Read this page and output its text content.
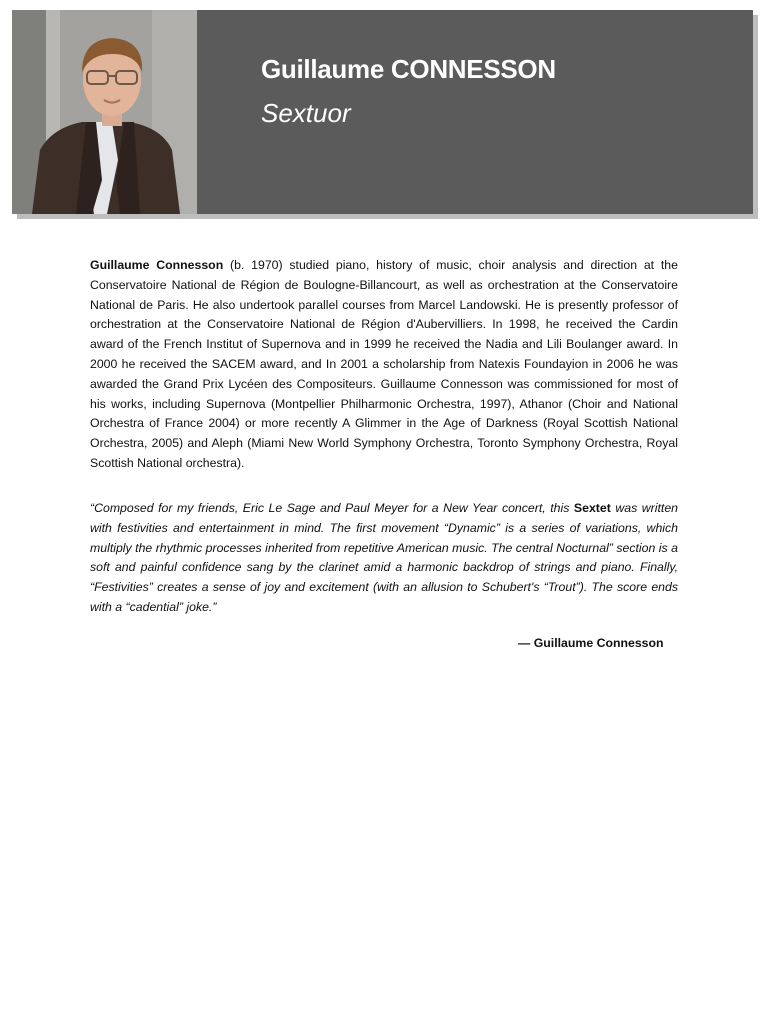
Guillaume CONNESSON
Sextuor

Guillaume Connesson (b. 1970) studied piano, history of music, choir analysis and direction at the Conservatoire National de Région de Boulogne-Billancourt, as well as orchestration at the Conservatoire National de Paris. He also undertook parallel courses from Marcel Landowski. He is presently professor of orchestration at the Conservatoire National de Région d'Aubervilliers. In 1998, he received the Cardin award of the French Institut of Supernova and in 1999 he received the Nadia and Lili Boulanger award. In 2000 he received the SACEM award, and In 2001 a scholarship from Natexis Foundayion in 2006 he was awarded the Grand Prix Lycéen des Compositeurs. Guillaume Connesson was commissioned for most of his works, including Supernova (Montpellier Philharmonic Orchestra, 1997), Athanor (Choir and National Orchestra of France 2004) or more recently A Glimmer in the Age of Darkness (Royal Scottish National Orchestra, 2005) and Aleph (Miami New World Symphony Orchestra, Toronto Symphony Orchestra, Royal Scottish National orchestra).

“Composed for my friends, Eric Le Sage and Paul Meyer for a New Year concert, this Sextet was written with festivities and entertainment in mind. The first movement “Dynamic” is a series of variations, which multiply the rhythmic processes inherited from repetitive American music. The central Nocturnal” section is a soft and painful confidence sang by the clarinet amid a harmonic backdrop of strings and piano. Finally, “Festivities” creates a sense of joy and excitement (with an allusion to Schubert's “Trout”). The score ends with a “cadential” joke.”

— Guillaume Connesson
